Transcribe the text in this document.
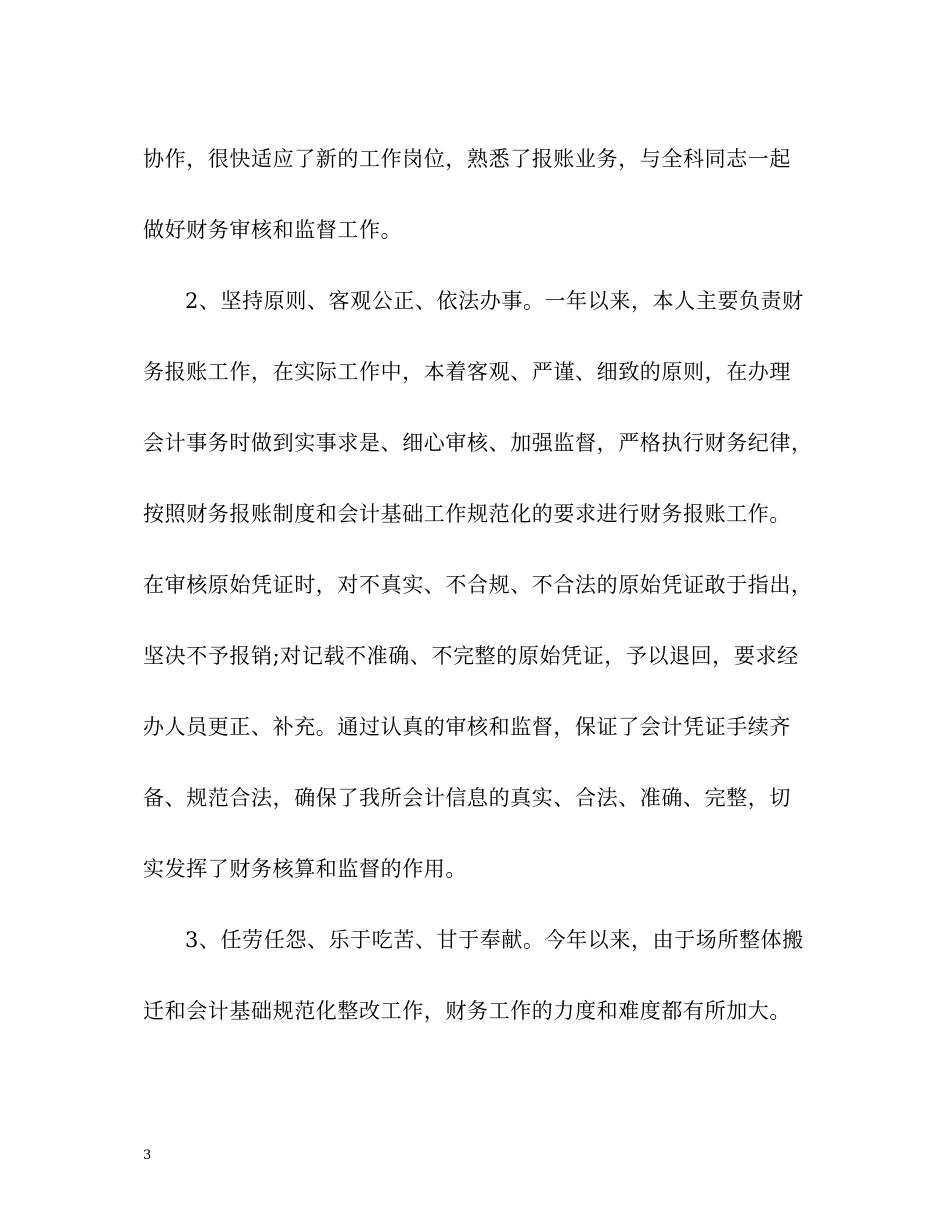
协作，很快适应了新的工作岗位，熟悉了报账业务，与全科同志一起
做好财务审核和监督工作。
2、坚持原则、客观公正、依法办事。一年以来，本人主要负责财
务报账工作，在实际工作中，本着客观、严谨、细致的原则，在办理
会计事务时做到实事求是、细心审核、加强监督，严格执行财务纪律，
按照财务报账制度和会计基础工作规范化的要求进行财务报账工作。
在审核原始凭证时，对不真实、不合规、不合法的原始凭证敢于指出，
坚决不予报销;对记载不准确、不完整的原始凭证，予以退回，要求经
办人员更正、补充。通过认真的审核和监督，保证了会计凭证手续齐
备、规范合法，确保了我所会计信息的真实、合法、准确、完整，切
实发挥了财务核算和监督的作用。
3、任劳任怨、乐于吃苦、甘于奉献。今年以来，由于场所整体搬
迁和会计基础规范化整改工作，财务工作的力度和难度都有所加大。
3
